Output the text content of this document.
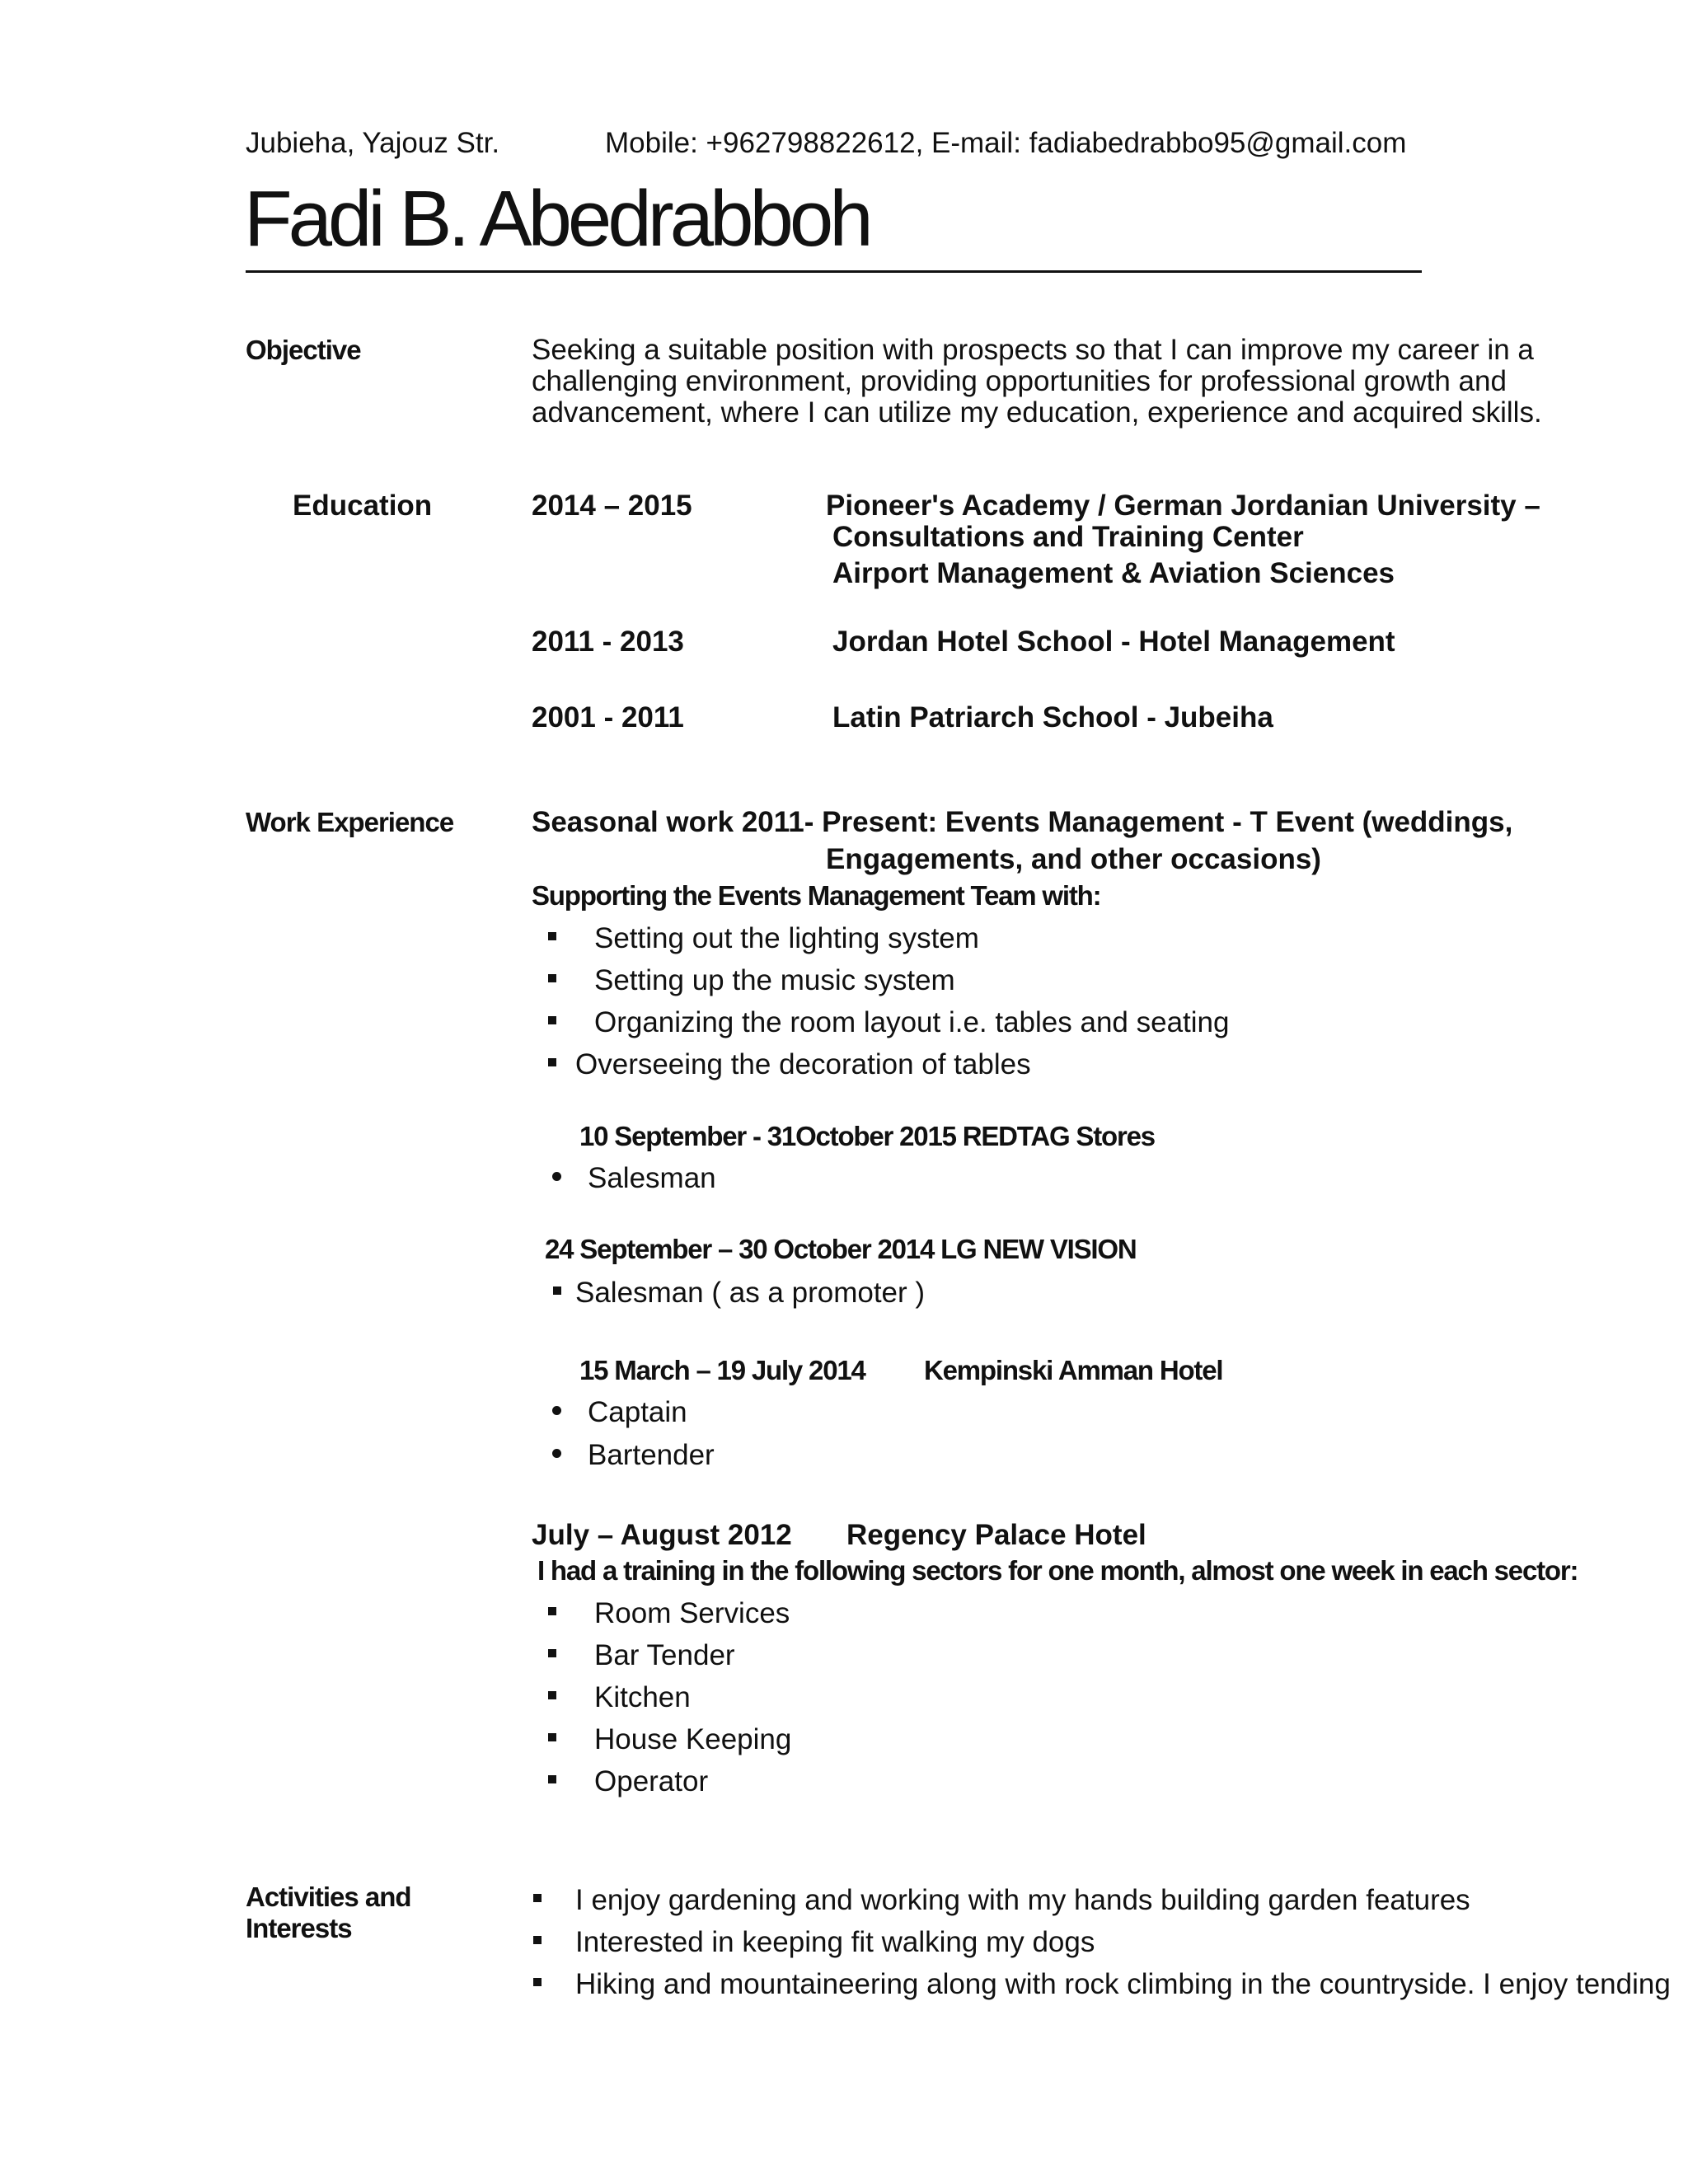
Jubieha, Yajouz Str.	Mobile: +962798822612, E-mail: fadiabedrabbo95@gmail.com
Fadi B. Abedrabboh
Objective	Seeking a suitable position with prospects so that I can improve my career in a
challenging environment, providing opportunities for professional growth and
advancement, where I can utilize my education, experience and acquired skills.
Education	2014 – 2015	Pioneer's Academy / German Jordanian University –
Consultations and Training Center
Airport Management & Aviation Sciences
2011 - 2013	Jordan Hotel School - Hotel Management
2001 - 2011	Latin Patriarch School - Jubeiha
Work Experience	Seasonal work 2011- Present: Events Management - T Event (weddings,
Engagements, and other occasions)
Supporting the Events Management Team with:
Setting out the lighting system
Setting up the music system
Organizing the room layout i.e. tables and seating
Overseeing the decoration of tables
10 September - 31October 2015 REDTAG Stores
Salesman
24 September – 30 October 2014 LG NEW VISION
Salesman ( as a promoter )
15 March – 19 July 2014 Kempinski Amman Hotel
Captain
Bartender
July – August 2012 Regency Palace Hotel
I had a training in the following sectors for one month, almost one week in each sector:
Room Services
Bar Tender
Kitchen
House Keeping
Operator
Activities and
Interests
I enjoy gardening and working with my hands building garden features
Interested in keeping fit walking my dogs
Hiking and mountaineering along with rock climbing in the countryside. I enjoy tending
